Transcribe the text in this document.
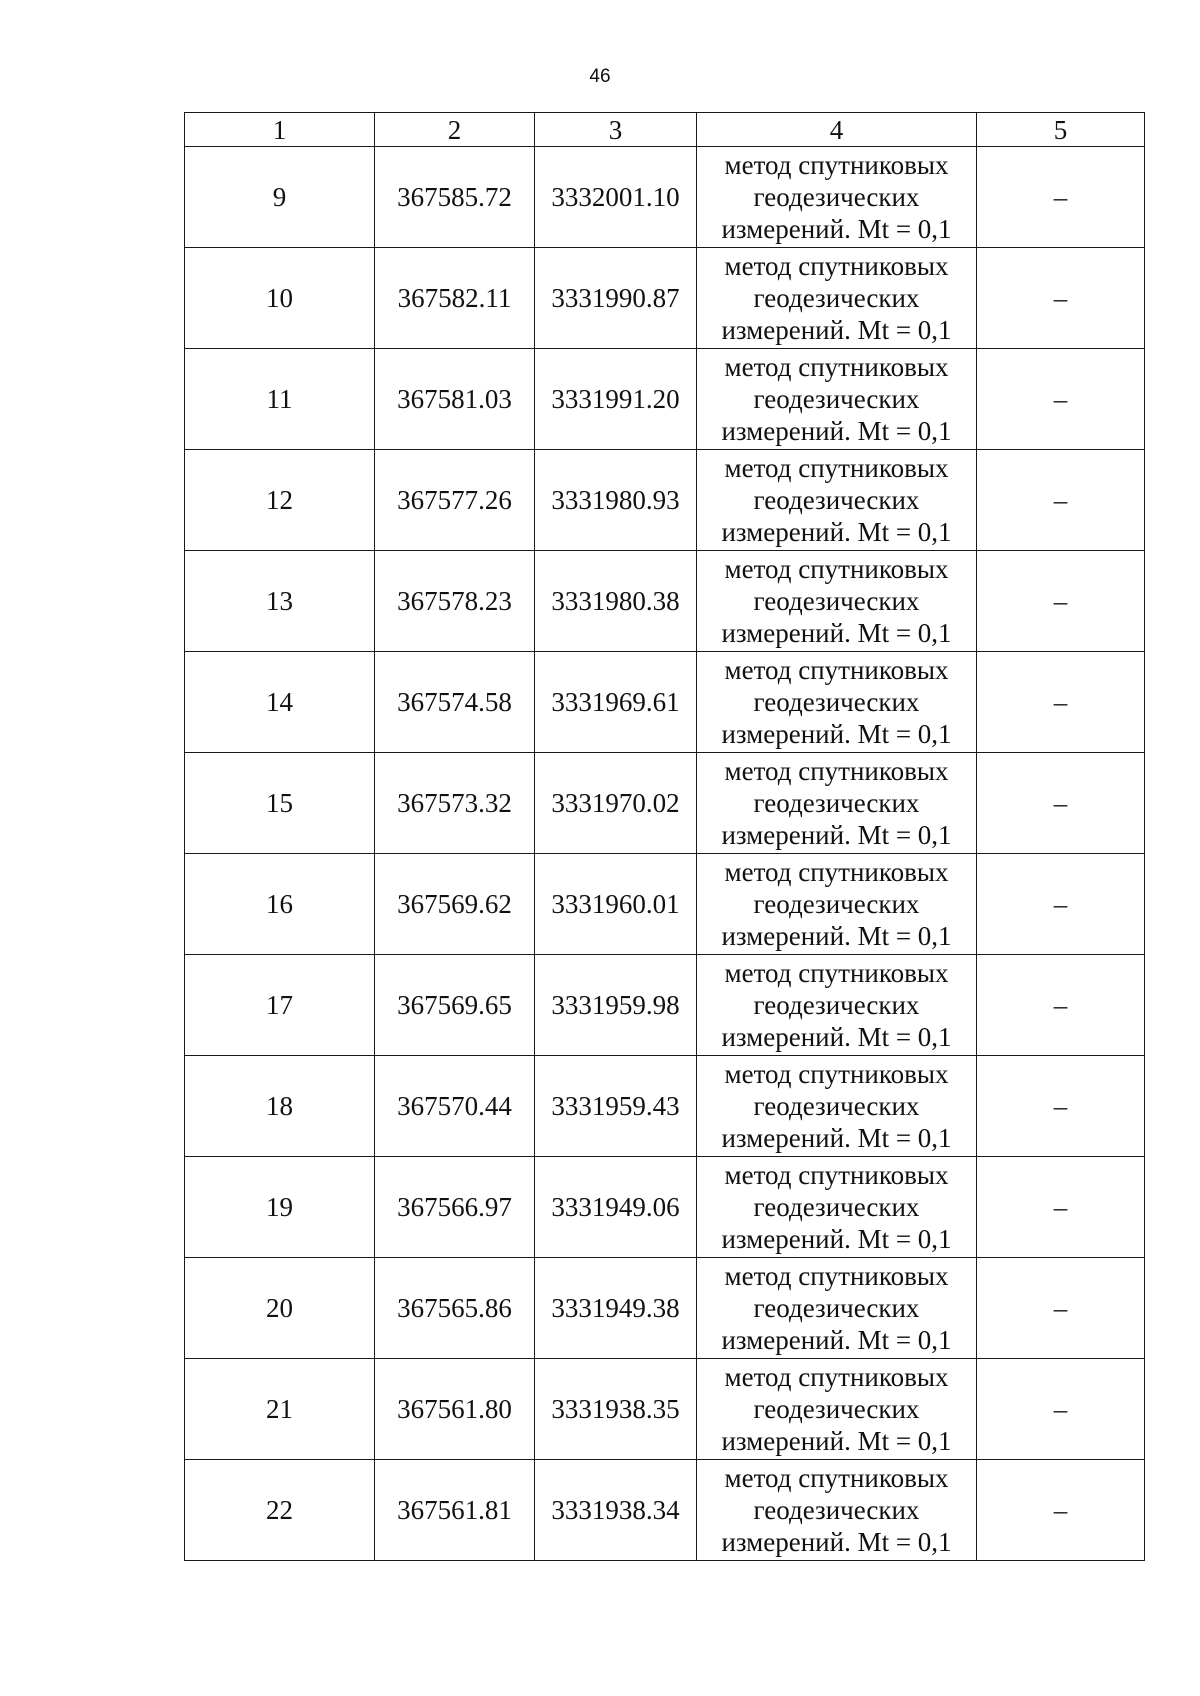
46
1	2	3	4	5
9	367585.72	3332001.10	метод спутниковых
геодезических
измерений. Mt = 0,1	–
10	367582.11	3331990.87	метод спутниковых
геодезических
измерений. Mt = 0,1	–
11	367581.03	3331991.20	метод спутниковых
геодезических
измерений. Mt = 0,1	–
12	367577.26	3331980.93	метод спутниковых
геодезических
измерений. Mt = 0,1	–
13	367578.23	3331980.38	метод спутниковых
геодезических
измерений. Mt = 0,1	–
14	367574.58	3331969.61	метод спутниковых
геодезических
измерений. Mt = 0,1	–
15	367573.32	3331970.02	метод спутниковых
геодезических
измерений. Mt = 0,1	–
16	367569.62	3331960.01	метод спутниковых
геодезических
измерений. Mt = 0,1	–
17	367569.65	3331959.98	метод спутниковых
геодезических
измерений. Mt = 0,1	–
18	367570.44	3331959.43	метод спутниковых
геодезических
измерений. Mt = 0,1	–
19	367566.97	3331949.06	метод спутниковых
геодезических
измерений. Mt = 0,1	–
20	367565.86	3331949.38	метод спутниковых
геодезических
измерений. Mt = 0,1	–
21	367561.80	3331938.35	метод спутниковых
геодезических
измерений. Mt = 0,1	–
22	367561.81	3331938.34	метод спутниковых
геодезических
измерений. Mt = 0,1	–
